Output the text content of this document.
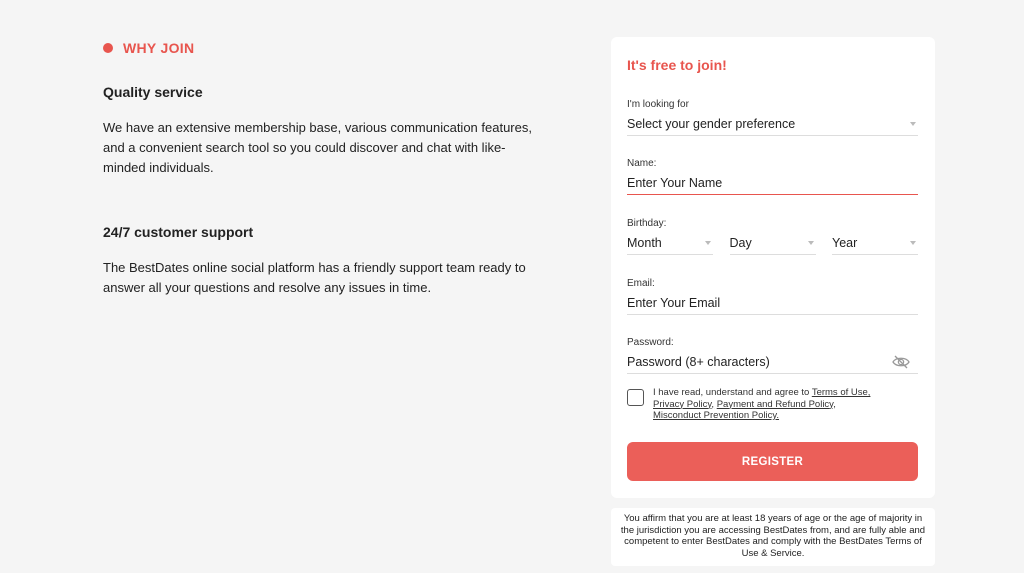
WHY JOIN
Quality service

We have an extensive membership base, various communication features, and a convenient search tool so you could discover and chat with like-minded individuals.

24/7 customer support

The BestDates online social platform has a friendly support team ready to answer all your questions and resolve any issues in time.

It's free to join!
I'm looking for
Select your gender preference
Name:
Enter Your Name
Birthday:
Month	Day	Year
Email:
Enter Your Email
Password:
Password (8+ characters)
I have read, understand and agree to Terms of Use,
Privacy Policy, Payment and Refund Policy,
Misconduct Prevention Policy.
REGISTER
You affirm that you are at least 18 years of age or the age of majority in the jurisdiction you are accessing BestDates from, and are fully able and competent to enter BestDates and comply with the BestDates Terms of Use & Service.
